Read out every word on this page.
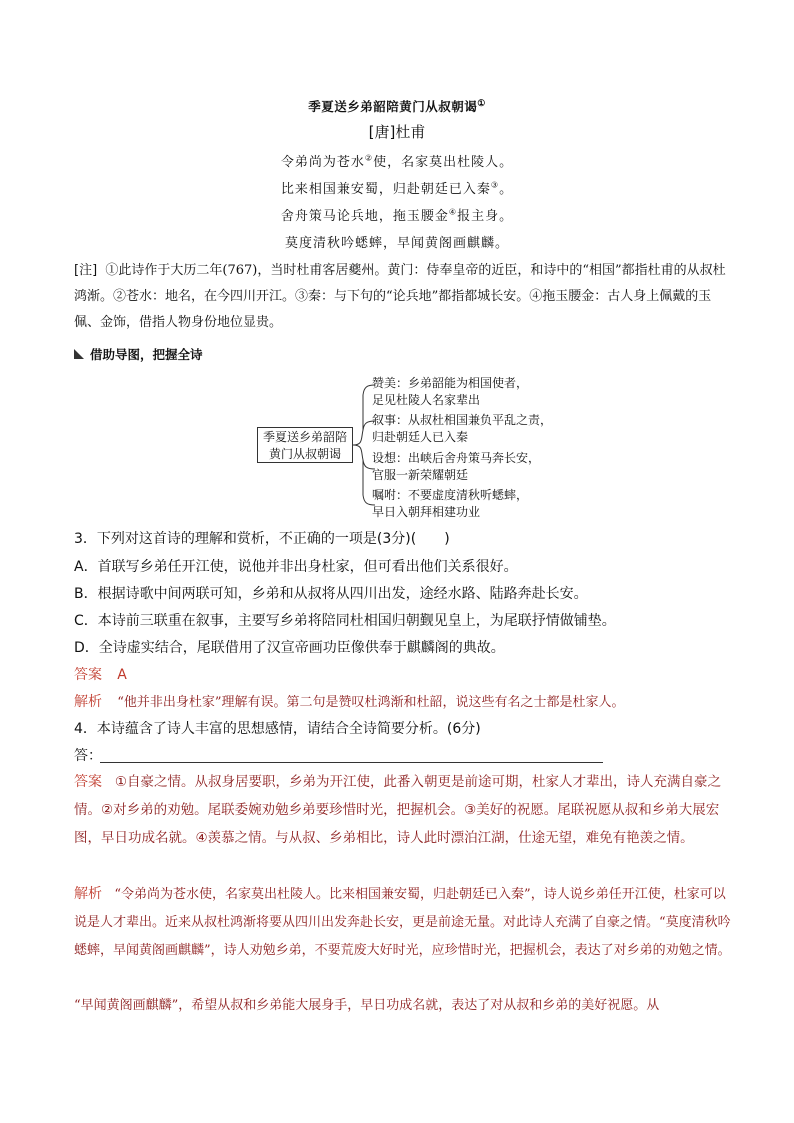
季夏送乡弟韶陪黄门从叔朝谒①
[唐]杜甫
令弟尚为苍水②使，名家莫出杜陵人。
比来相国兼安蜀，归赴朝廷已入秦③。
舍舟策马论兵地，拖玉腰金④报主身。
莫度清秋吟蟋蟀，早闻黄阁画麒麟。
[注] ①此诗作于大历二年(767)，当时杜甫客居夔州。黄门：侍奉皇帝的近臣，和诗中的“相国”都指杜甫的从叔杜鸿渐。②苍水：地名，在今四川开江。③秦：与下句的“论兵地”都指都城长安。④拖玉腰金：古人身上佩戴的玉佩、金饰，借指人物身份地位显贵。
借助导图，把握全诗
季夏送乡弟韶陪
黄门从叔朝谒
赞美：乡弟韶能为相国使者，
足见杜陵人名家辈出
叙事：从叔杜相国兼负平乱之责，
归赴朝廷人已入秦
设想：出峡后舍舟策马奔长安，
官服一新荣耀朝廷
嘱咐：不要虚度清秋听蟋蟀，
早日入朝拜相建功业
3．下列对这首诗的理解和赏析，不正确的一项是(3分)(　　)
A．首联写乡弟任开江使，说他并非出身杜家，但可看出他们关系很好。
B．根据诗歌中间两联可知，乡弟和从叔将从四川出发，途经水路、陆路奔赴长安。
C．本诗前三联重在叙事，主要写乡弟将陪同杜相国归朝觐见皇上，为尾联抒情做铺垫。
D．全诗虚实结合，尾联借用了汉宣帝画功臣像供奉于麒麟阁的典故。
答案 A
解析 “他并非出身杜家”理解有误。第二句是赞叹杜鸿渐和杜韶，说这些有名之士都是杜家人。
4．本诗蕴含了诗人丰富的思想感情，请结合全诗简要分析。(6分)
答：
答案 ①自豪之情。从叔身居要职，乡弟为开江使，此番入朝更是前途可期，杜家人才辈出，诗人充满自豪之情。②对乡弟的劝勉。尾联委婉劝勉乡弟要珍惜时光，把握机会。③美好的祝愿。尾联祝愿从叔和乡弟大展宏图，早日功成名就。④羡慕之情。与从叔、乡弟相比，诗人此时漂泊江湖，仕途无望，难免有艳羡之情。
解析 “令弟尚为苍水使，名家莫出杜陵人。比来相国兼安蜀，归赴朝廷已入秦”，诗人说乡弟任开江使，杜家可以说是人才辈出。近来从叔杜鸿渐将要从四川出发奔赴长安，更是前途无量。对此诗人充满了自豪之情。“莫度清秋吟蟋蟀，早闻黄阁画麒麟”，诗人劝勉乡弟，不要荒废大好时光，应珍惜时光，把握机会，表达了对乡弟的劝勉之情。
“早闻黄阁画麒麟”，希望从叔和乡弟能大展身手，早日功成名就，表达了对从叔和乡弟的美好祝愿。从
